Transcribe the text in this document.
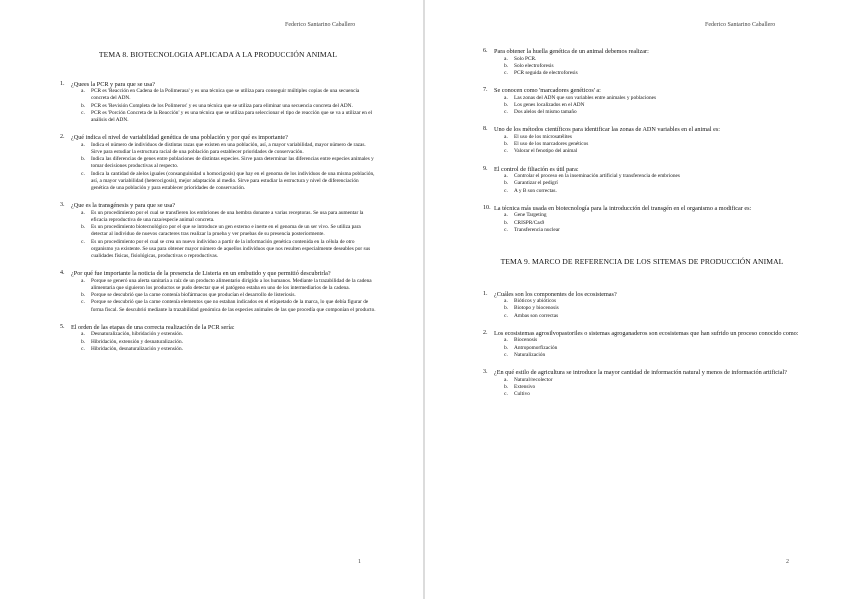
Federico Santarino Caballero
TEMA 8. BIOTECNOLOGIA APLICADA A LA PRODUCCIÓN ANIMAL
1. ¿Quees la PCR y para que se usa?
a. PCR es 'Reacción en Cadena de la Polimerasa' y es una técnica que se utiliza para conseguir múltiples copias de una secuencia concreta del ADN.
b. PCR es 'Revisión Completa de los Polimeros' y es una técnica que se utiliza para eliminar una secuencia concreta del ADN.
c. PCR es 'Porción Concreta de la Reacción' y es una técnica que se utiliza para seleccionar el tipo de reacción que se va a utilizar en el análisis del ADN.
2. ¿Qué indica el nivel de variabilidad genética de una población y por qué es importante?
a. Indica el número de individuos de distintas razas que existen en una población, así, a mayor variabilidad, mayor número de razas. Sirve para estudiar la estructura racial de una población para establecer prioridades de conservación.
b. Indica las diferencias de genes entre poblaciones de distintas especies. Sirve para determinar las diferencias entre especies animales y tomar decisiones productivas al respecto.
c. Indica la cantidad de alelos iguales (consanguinidad u homocigosis) que hay en el genoma de los individuos de una misma población, así, a mayor variabilidad (heterocigosis), mejor adaptación al medio. Sirve para estudiar la estructura y nivel de diferenciación genética de una población y para establecer prioridades de conservación.
3. ¿Que es la transgénesis y para que se usa?
a. Es un procedimiento por el cual se transfieren los embriones de una hembra donante a varias receptoras. Se usa para aumentar la eficacia reproductiva de una raza/especie animal concreta.
b. Es un procedimiento biotecnológico por el que se introduce un gen externo e inerte en el genoma de un ser vivo. Se utiliza para detectar al individuo de nuevos caracteres tras realizar la prueba y ver pruebas de su presencia posteriormente.
c. Es un procedimiento por el cual se crea un nuevo individuo a partir de la información genética contenida en la célula de otro organismo ya existente. Se usa para obtener mayor número de aquellos individuos que nos resulten especialmente deseables por sus cualidades físicas, fisiológicas, productivas o reproductivas.
4. ¿Por qué fue importante la noticia de la presencia de Listeria en un embutido y que permitió descubrirla?
a. Porque se generó una alerta sanitaria a raíz de un producto alimentario dirigido a los humanos. Mediante la trazabilidad de la cadena alimentaria que siguieron los productos se pudo detectar que el patógeno estaba en uno de los intermediarios de la cadena.
b. Porque se descubrió que la carne contenía biofármacos que producían el desarrollo de listeriosis.
c. Porque se descubrió que la carne contenía elementos que no estaban indicados en el etiquetado de la marca, lo que debía figurar de forma fiscal. Se descubrió mediante la trazabilidad genómica de las especies animales de las que procedía que componían el producto.
5. El orden de las etapas de una correcta realización de la PCR sería:
a. Desnaturalización, hibridación y extensión.
b. Hibridación, extensión y desnaturalización.
c. Hibridación, desnaturalización y extensión.
1
Federico Santarino Caballero
6. Para obtener la huella genética de un animal debemos realizar:
a. Solo PCR.
b. Solo electroforesis
c. PCR seguida de electroforesis
7. Se conocen como 'marcadores genéticos' a:
a. Las zonas del ADN que son variables entre animales y poblaciones
b. Los genes localizados en el ADN
c. Dos alelos del mismo tamaño
8. Uno de los métodos científicos para identificar las zonas de ADN variables en el animal es:
a. El uso de los microsatélites
b. El uso de los marcadores genéticos
c. Valorar el fenotipo del animal
9. El control de filiación es útil para:
a. Controlar el proceso en la inseminación artificial y transferencia de embriones
b. Garantizar el pedigrí
c. A y B son correctas.
10. La técnica más usada en biotecnología para la introducción del transgén en el organismo a modificar es:
a. Gene Targeting
b. CRISPR/Cas9
c. Transferencia nuclear
TEMA 9. MARCO DE REFERENCIA DE LOS SITEMAS DE PRODUCCIÓN ANIMAL
1. ¿Cuáles son los componentes de los ecosistemas?
a. Bióticos y abióticos
b. Biotopo y biocenosis
c. Ambas son correctas
2. Los ecosistemas agrosilvopastoriles o sistemas agroganaderos son ecosistemas que han sufrido un proceso conocido como:
a. Biocenosis
b. Antropomorfización
c. Naturalización
3. ¿En qué estilo de agricultura se introduce la mayor cantidad de información natural y menos de información artificial?
a. Natural/recolector
b. Extensivo
c. Cultivo
2
